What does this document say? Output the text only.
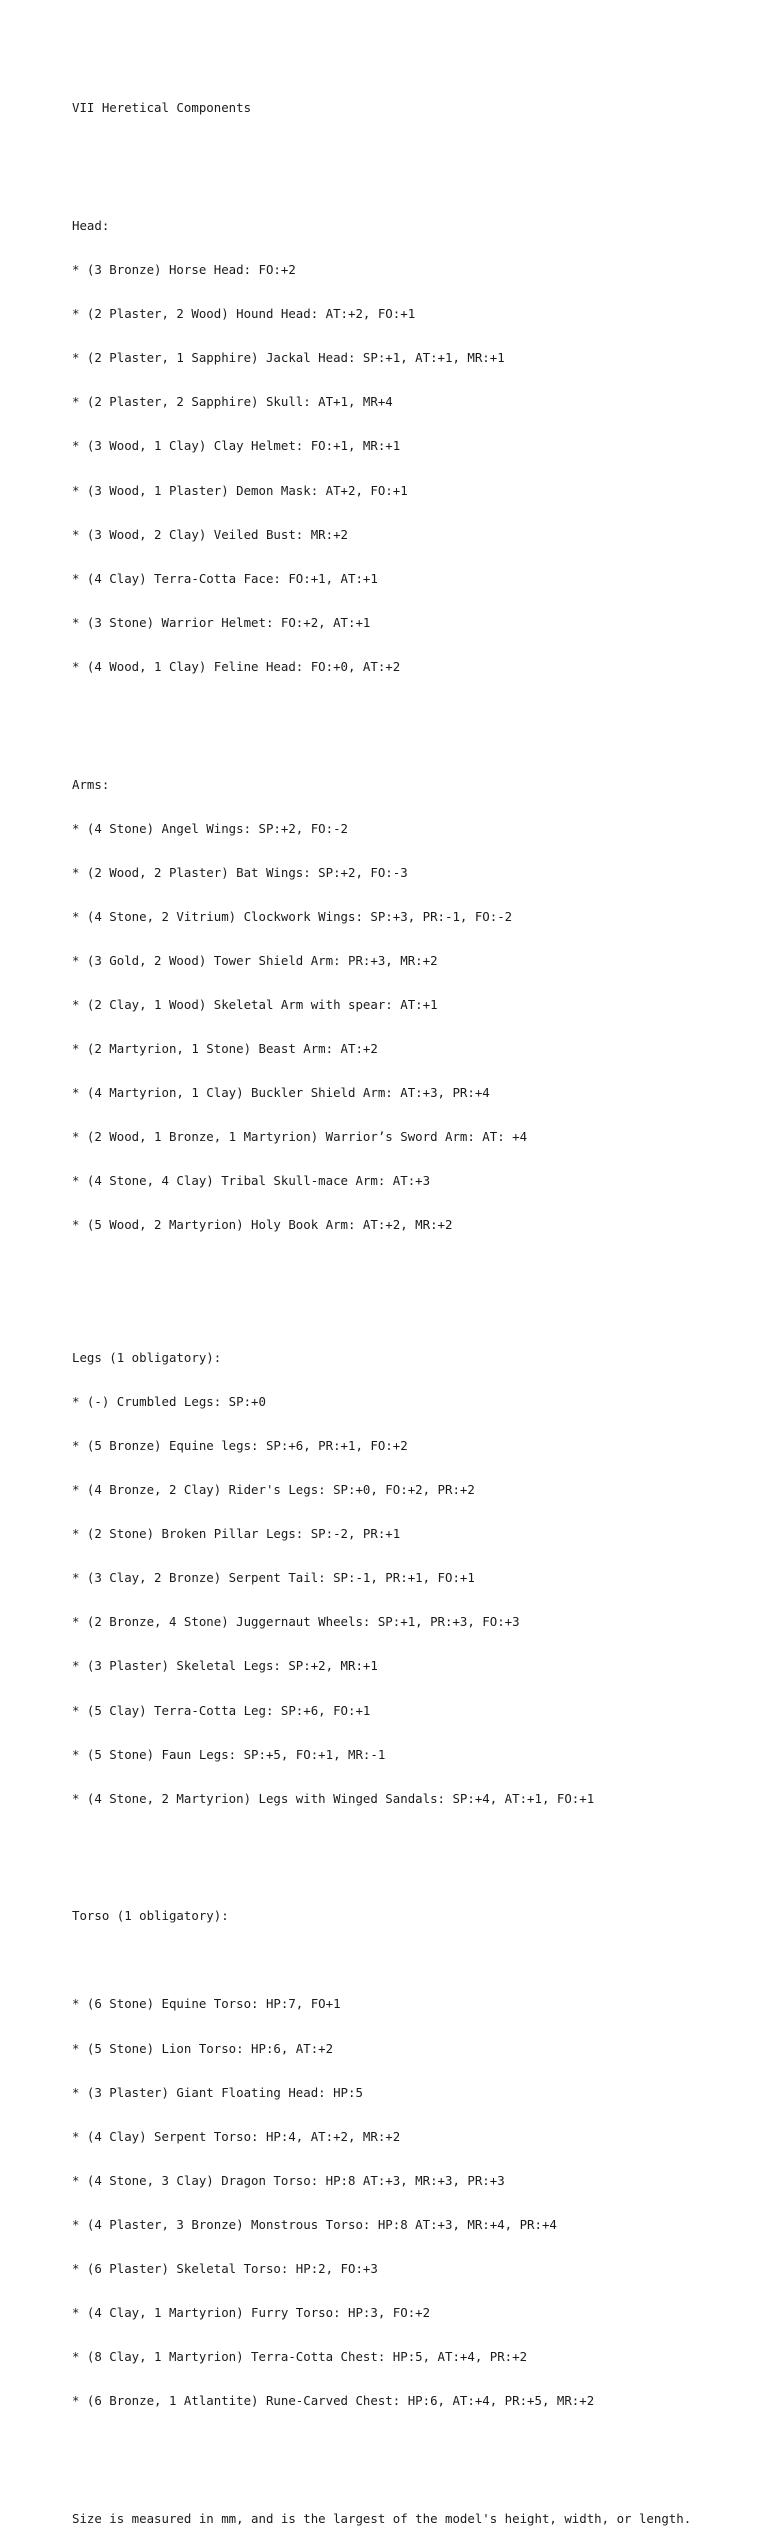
VII Heretical Components

Head:

* (3 Bronze) Horse Head: FO:+2

* (2 Plaster, 2 Wood) Hound Head: AT:+2, FO:+1

* (2 Plaster, 1 Sapphire) Jackal Head: SP:+1, AT:+1, MR:+1

* (2 Plaster, 2 Sapphire) Skull: AT+1, MR+4

* (3 Wood, 1 Clay) Clay Helmet: FO:+1, MR:+1

* (3 Wood, 1 Plaster) Demon Mask: AT+2, FO:+1

* (3 Wood, 2 Clay) Veiled Bust: MR:+2

* (4 Clay) Terra-Cotta Face: FO:+1, AT:+1

* (3 Stone) Warrior Helmet: FO:+2, AT:+1

* (4 Wood, 1 Clay) Feline Head: FO:+0, AT:+2

Arms:

* (4 Stone) Angel Wings: SP:+2, FO:-2

* (2 Wood, 2 Plaster) Bat Wings: SP:+2, FO:-3

* (4 Stone, 2 Vitrium) Clockwork Wings: SP:+3, PR:-1, FO:-2

* (3 Gold, 2 Wood) Tower Shield Arm: PR:+3, MR:+2

* (2 Clay, 1 Wood) Skeletal Arm with spear: AT:+1

* (2 Martyrion, 1 Stone) Beast Arm: AT:+2

* (4 Martyrion, 1 Clay) Buckler Shield Arm: AT:+3, PR:+4

* (2 Wood, 1 Bronze, 1 Martyrion) Warrior’s Sword Arm: AT: +4

* (4 Stone, 4 Clay) Tribal Skull-mace Arm: AT:+3

* (5 Wood, 2 Martyrion) Holy Book Arm: AT:+2, MR:+2

Legs (1 obligatory):

* (-) Crumbled Legs: SP:+0

* (5 Bronze) Equine legs: SP:+6, PR:+1, FO:+2

* (4 Bronze, 2 Clay) Rider's Legs: SP:+0, FO:+2, PR:+2

* (2 Stone) Broken Pillar Legs: SP:-2, PR:+1

* (3 Clay, 2 Bronze) Serpent Tail: SP:-1, PR:+1, FO:+1

* (2 Bronze, 4 Stone) Juggernaut Wheels: SP:+1, PR:+3, FO:+3

* (3 Plaster) Skeletal Legs: SP:+2, MR:+1

* (5 Clay) Terra-Cotta Leg: SP:+6, FO:+1

* (5 Stone) Faun Legs: SP:+5, FO:+1, MR:-1

* (4 Stone, 2 Martyrion) Legs with Winged Sandals: SP:+4, AT:+1, FO:+1

Torso (1 obligatory):

* (6 Stone) Equine Torso: HP:7, FO+1

* (5 Stone) Lion Torso: HP:6, AT:+2

* (3 Plaster) Giant Floating Head: HP:5

* (4 Clay) Serpent Torso: HP:4, AT:+2, MR:+2

* (4 Stone, 3 Clay) Dragon Torso: HP:8 AT:+3, MR:+3, PR:+3

* (4 Plaster, 3 Bronze) Monstrous Torso: HP:8 AT:+3, MR:+4, PR:+4

* (6 Plaster) Skeletal Torso: HP:2, FO:+3

* (4 Clay, 1 Martyrion) Furry Torso: HP:3, FO:+2

* (8 Clay, 1 Martyrion) Terra-Cotta Chest: HP:5, AT:+4, PR:+2

* (6 Bronze, 1 Atlantite) Rune-Carved Chest: HP:6, AT:+4, PR:+5, MR:+2

Size is measured in mm, and is the largest of the model's height, width, or length.
